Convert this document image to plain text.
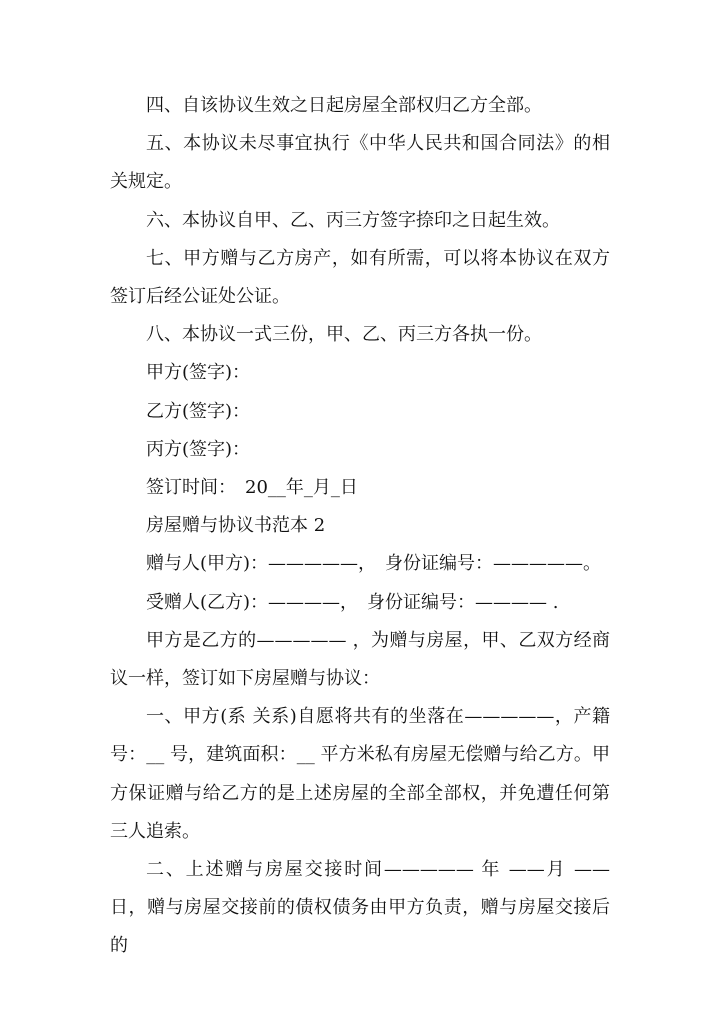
四、自该协议生效之日起房屋全部权归乙方全部。

五、本协议未尽事宜执行《中华人民共和国合同法》的相关规定。

六、本协议自甲、乙、丙三方签字捺印之日起生效。

七、甲方赠与乙方房产，如有所需，可以将本协议在双方签订后经公证处公证。

八、本协议一式三份，甲、乙、丙三方各执一份。

甲方(签字)：

乙方(签字)：

丙方(签字)：

签订时间：　20__年_月_日

房屋赠与协议书范本 2

赠与人(甲方)：—————，　身份证编号：—————。

受赠人(乙方)：————，　身份证编号：———— .

甲方是乙方的————— ，为赠与房屋，甲、乙双方经商议一样，签订如下房屋赠与协议：

一、甲方(系 关系)自愿将共有的坐落在—————，产籍号：__ 号，建筑面积：__ 平方米私有房屋无偿赠与给乙方。甲方保证赠与给乙方的是上述房屋的全部全部权，并免遭任何第三人追索。

二、上述赠与房屋交接时间————— 年 ——月 ——日，赠与房屋交接前的债权债务由甲方负责，赠与房屋交接后的
